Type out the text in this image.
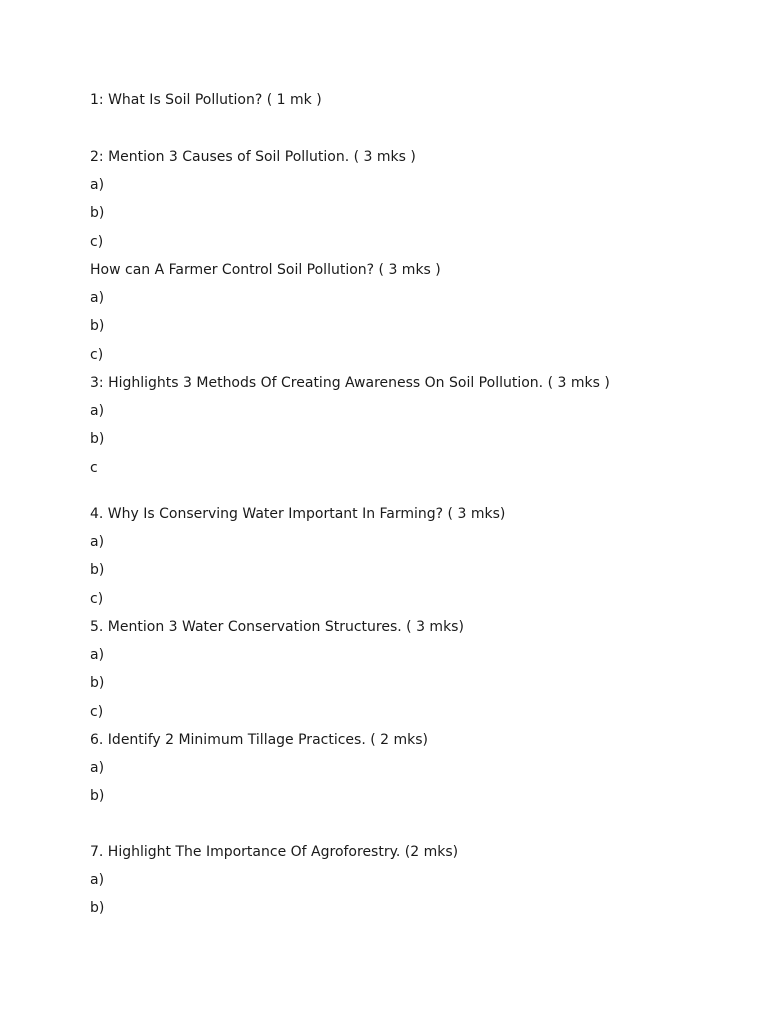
1: What Is Soil Pollution? ( 1 mk )

2: Mention 3 Causes of Soil Pollution. ( 3 mks )

a)

b)

c)

How can A Farmer Control Soil Pollution? ( 3 mks )

a)

b)

c)

3: Highlights 3 Methods Of Creating Awareness On Soil Pollution. ( 3 mks )

a)

b)

c

4. Why Is Conserving Water Important In Farming? ( 3 mks)

a)

b)

c)

5. Mention 3 Water Conservation Structures. ( 3 mks)

a)

b)

c)

6. Identify 2 Minimum Tillage Practices. ( 2 mks)

a)

b)

7. Highlight The Importance Of Agroforestry. (2 mks)

a)

b)
